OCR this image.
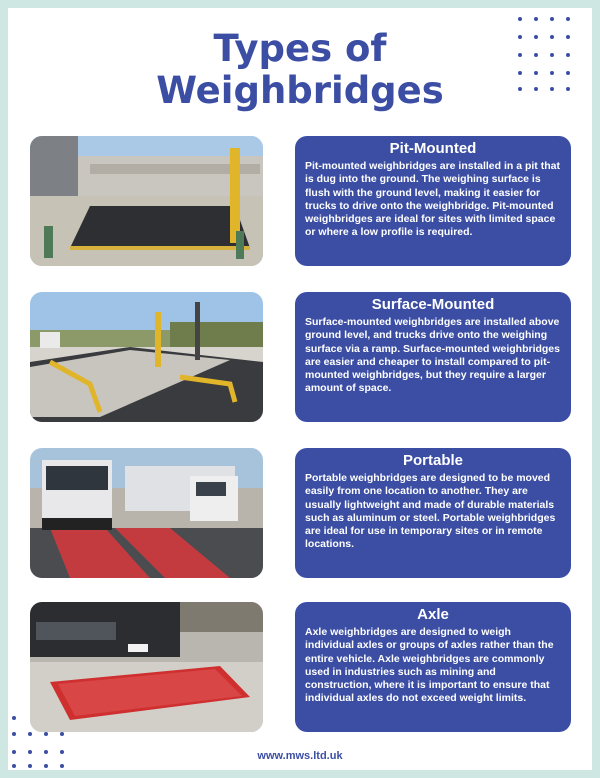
Types of
Weighbridges
Pit-Mounted

Pit-mounted weighbridges are installed in a pit that is dug into the ground. The weighing surface is flush with the ground level, making it easier for trucks to drive onto the weighbridge. Pit-mounted weighbridges are ideal for sites with limited space or where a low profile is required.

Surface-Mounted

Surface-mounted weighbridges are installed above ground level, and trucks drive onto the weighing surface via a ramp. Surface-mounted weighbridges are easier and cheaper to install compared to pit-mounted weighbridges, but they require a larger amount of space.

Portable

Portable weighbridges are designed to be moved easily from one location to another. They are usually lightweight and made of durable materials such as aluminum or steel. Portable weighbridges are ideal for use in temporary sites or in remote locations.

Axle

Axle weighbridges are designed to weigh individual axles or groups of axles rather than the entire vehicle. Axle weighbridges are commonly used in industries such as mining and construction, where it is important to ensure that individual axles do not exceed weight limits.

www.mws.ltd.uk
